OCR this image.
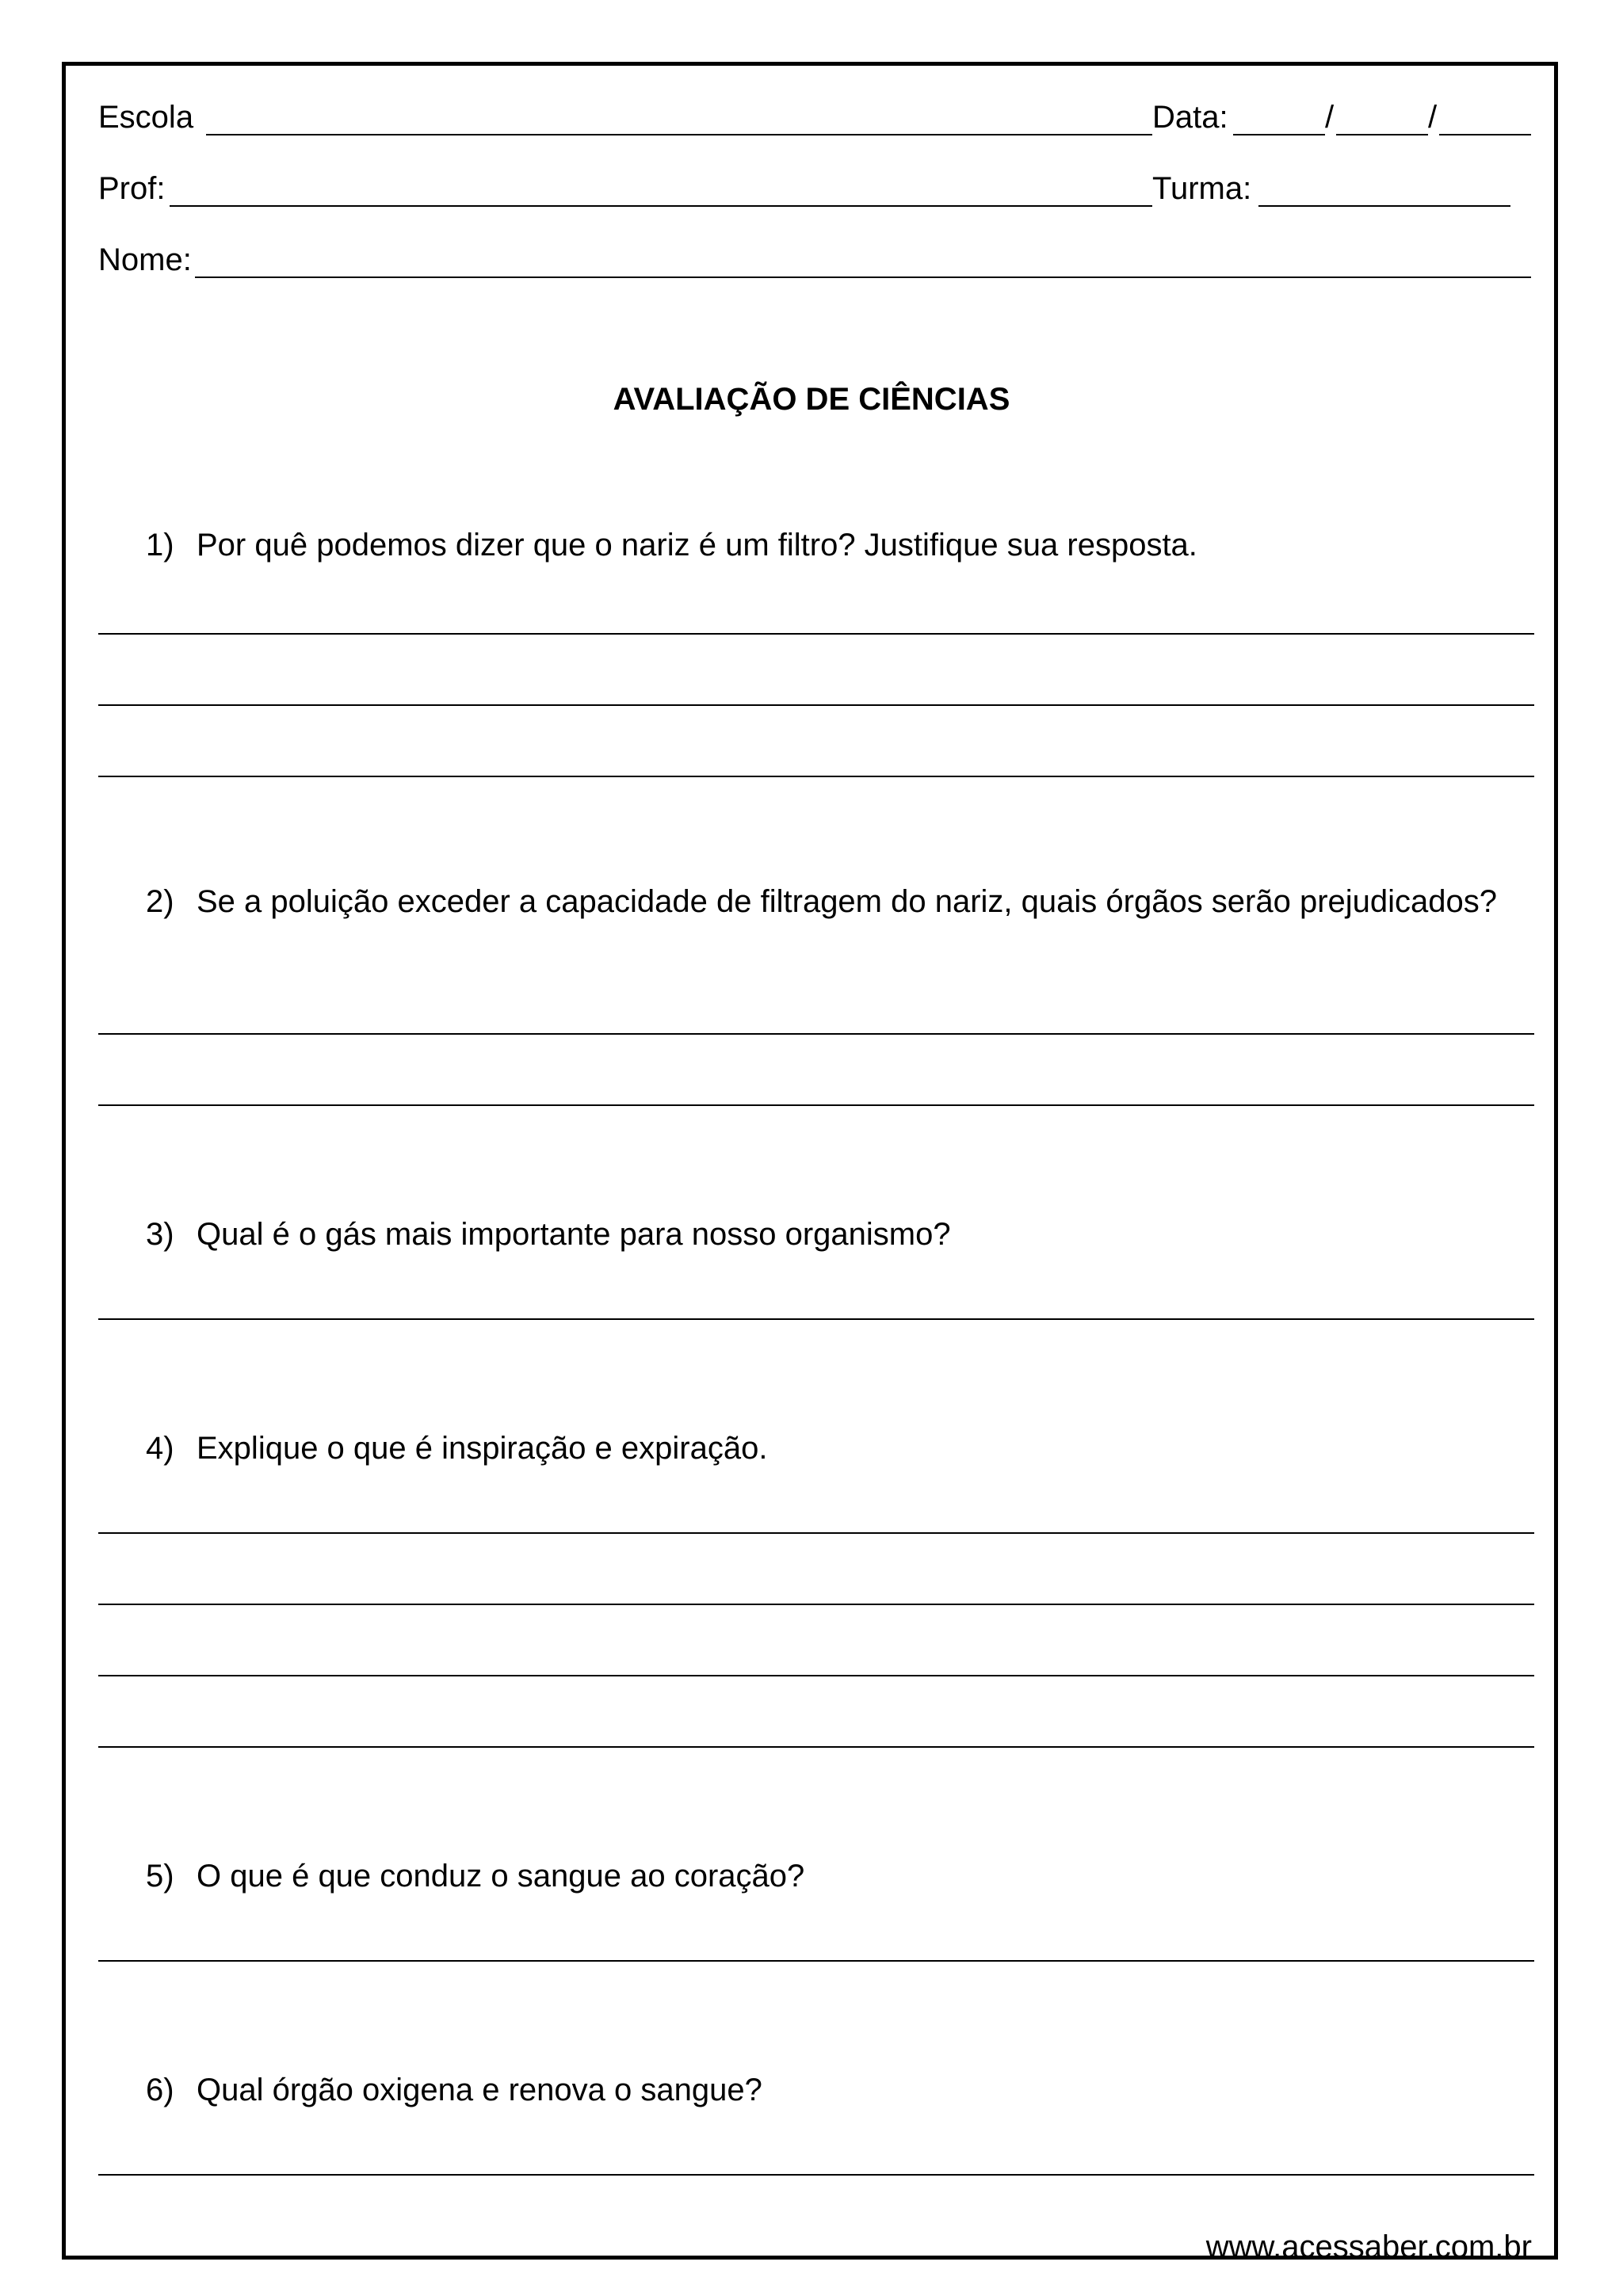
Escola	Data:	/	/
Prof:	Turma:
Nome:
AVALIAÇÃO DE CIÊNCIAS
1) Por quê podemos dizer que o nariz é um filtro? Justifique sua resposta.
2) Se a poluição exceder a capacidade de filtragem do nariz, quais órgãos serão prejudicados?
3) Qual é o gás mais importante para nosso organismo?
4) Explique o que é inspiração e expiração.
5) O que é que conduz o sangue ao coração?
6) Qual órgão oxigena e renova o sangue?
www.acessaber.com.br
